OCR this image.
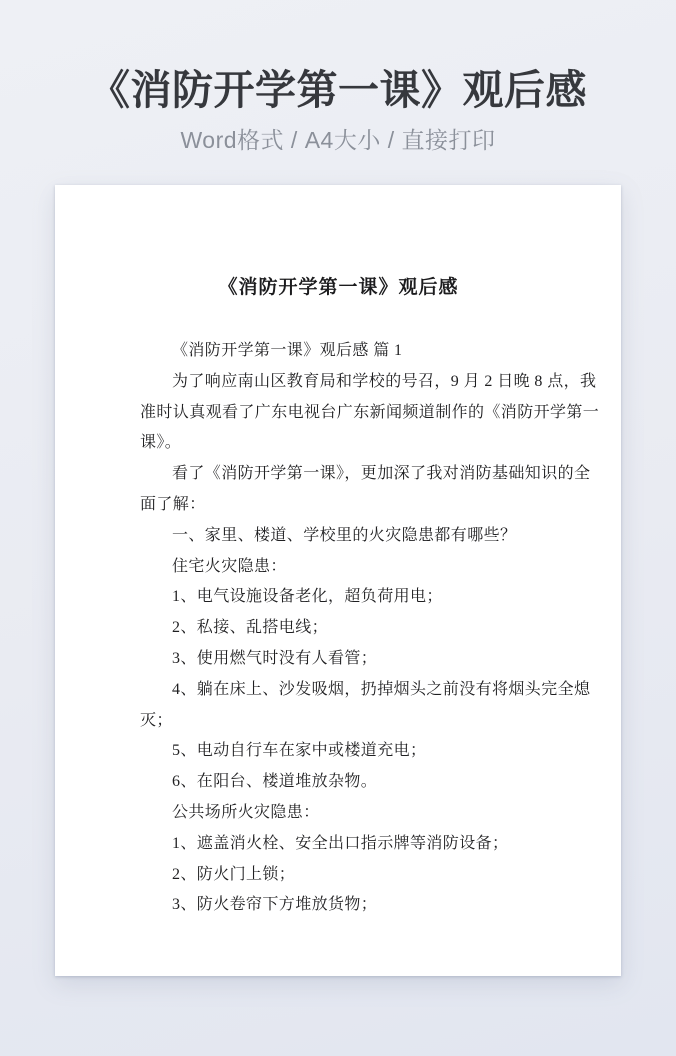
《消防开学第一课》观后感
Word格式 / A4大小 / 直接打印
《消防开学第一课》观后感
《消防开学第一课》观后感 篇 1
为了响应南山区教育局和学校的号召，9 月 2 日晚 8 点，我
准时认真观看了广东电视台广东新闻频道制作的《消防开学第一
课》。
看了《消防开学第一课》，更加深了我对消防基础知识的全
面了解：
一、家里、楼道、学校里的火灾隐患都有哪些？
住宅火灾隐患：
1、电气设施设备老化，超负荷用电；
2、私接、乱搭电线；
3、使用燃气时没有人看管；
4、躺在床上、沙发吸烟，扔掉烟头之前没有将烟头完全熄
灭；
5、电动自行车在家中或楼道充电；
6、在阳台、楼道堆放杂物。
公共场所火灾隐患：
1、遮盖消火栓、安全出口指示牌等消防设备；
2、防火门上锁；
3、防火卷帘下方堆放货物；
